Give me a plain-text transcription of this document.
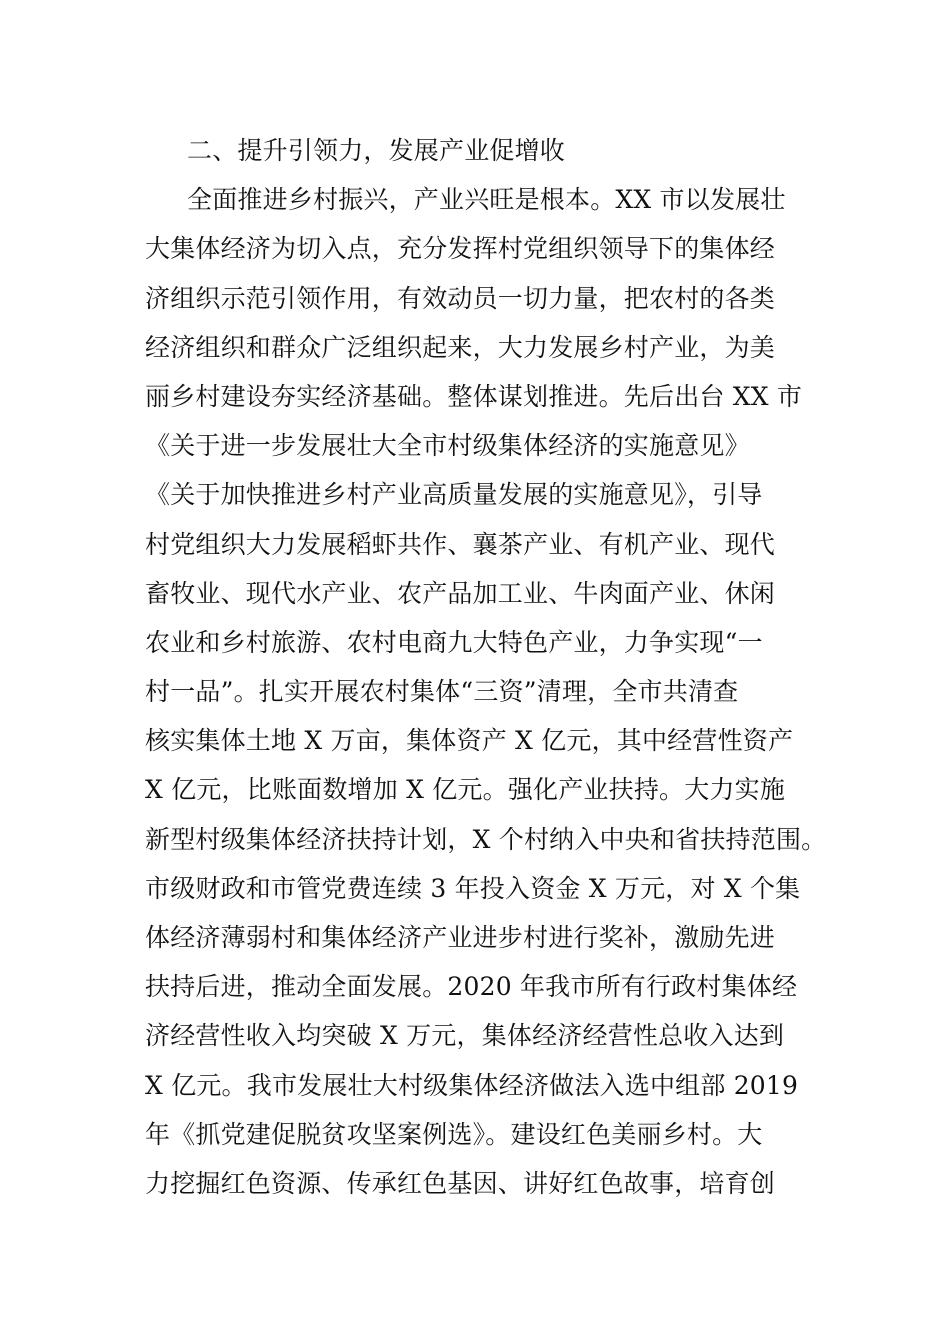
二、提升引领力，发展产业促增收
全面推进乡村振兴，产业兴旺是根本。XX 市以发展壮
大集体经济为切入点，充分发挥村党组织领导下的集体经
济组织示范引领作用，有效动员一切力量，把农村的各类
经济组织和群众广泛组织起来，大力发展乡村产业，为美
丽乡村建设夯实经济基础。整体谋划推进。先后出台 XX 市
《关于进一步发展壮大全市村级集体经济的实施意见》
《关于加快推进乡村产业高质量发展的实施意见》，引导
村党组织大力发展稻虾共作、襄茶产业、有机产业、现代
畜牧业、现代水产业、农产品加工业、牛肉面产业、休闲
农业和乡村旅游、农村电商九大特色产业，力争实现“一
村一品”。扎实开展农村集体“三资”清理，全市共清查
核实集体土地 X 万亩，集体资产 X 亿元，其中经营性资产
X 亿元，比账面数增加 X 亿元。强化产业扶持。大力实施
新型村级集体经济扶持计划，X 个村纳入中央和省扶持范围。
市级财政和市管党费连续 3 年投入资金 X 万元，对 X 个集
体经济薄弱村和集体经济产业进步村进行奖补，激励先进
扶持后进，推动全面发展。2020 年我市所有行政村集体经
济经营性收入均突破 X 万元，集体经济经营性总收入达到
X 亿元。我市发展壮大村级集体经济做法入选中组部 2019
年《抓党建促脱贫攻坚案例选》。建设红色美丽乡村。大
力挖掘红色资源、传承红色基因、讲好红色故事，培育创
